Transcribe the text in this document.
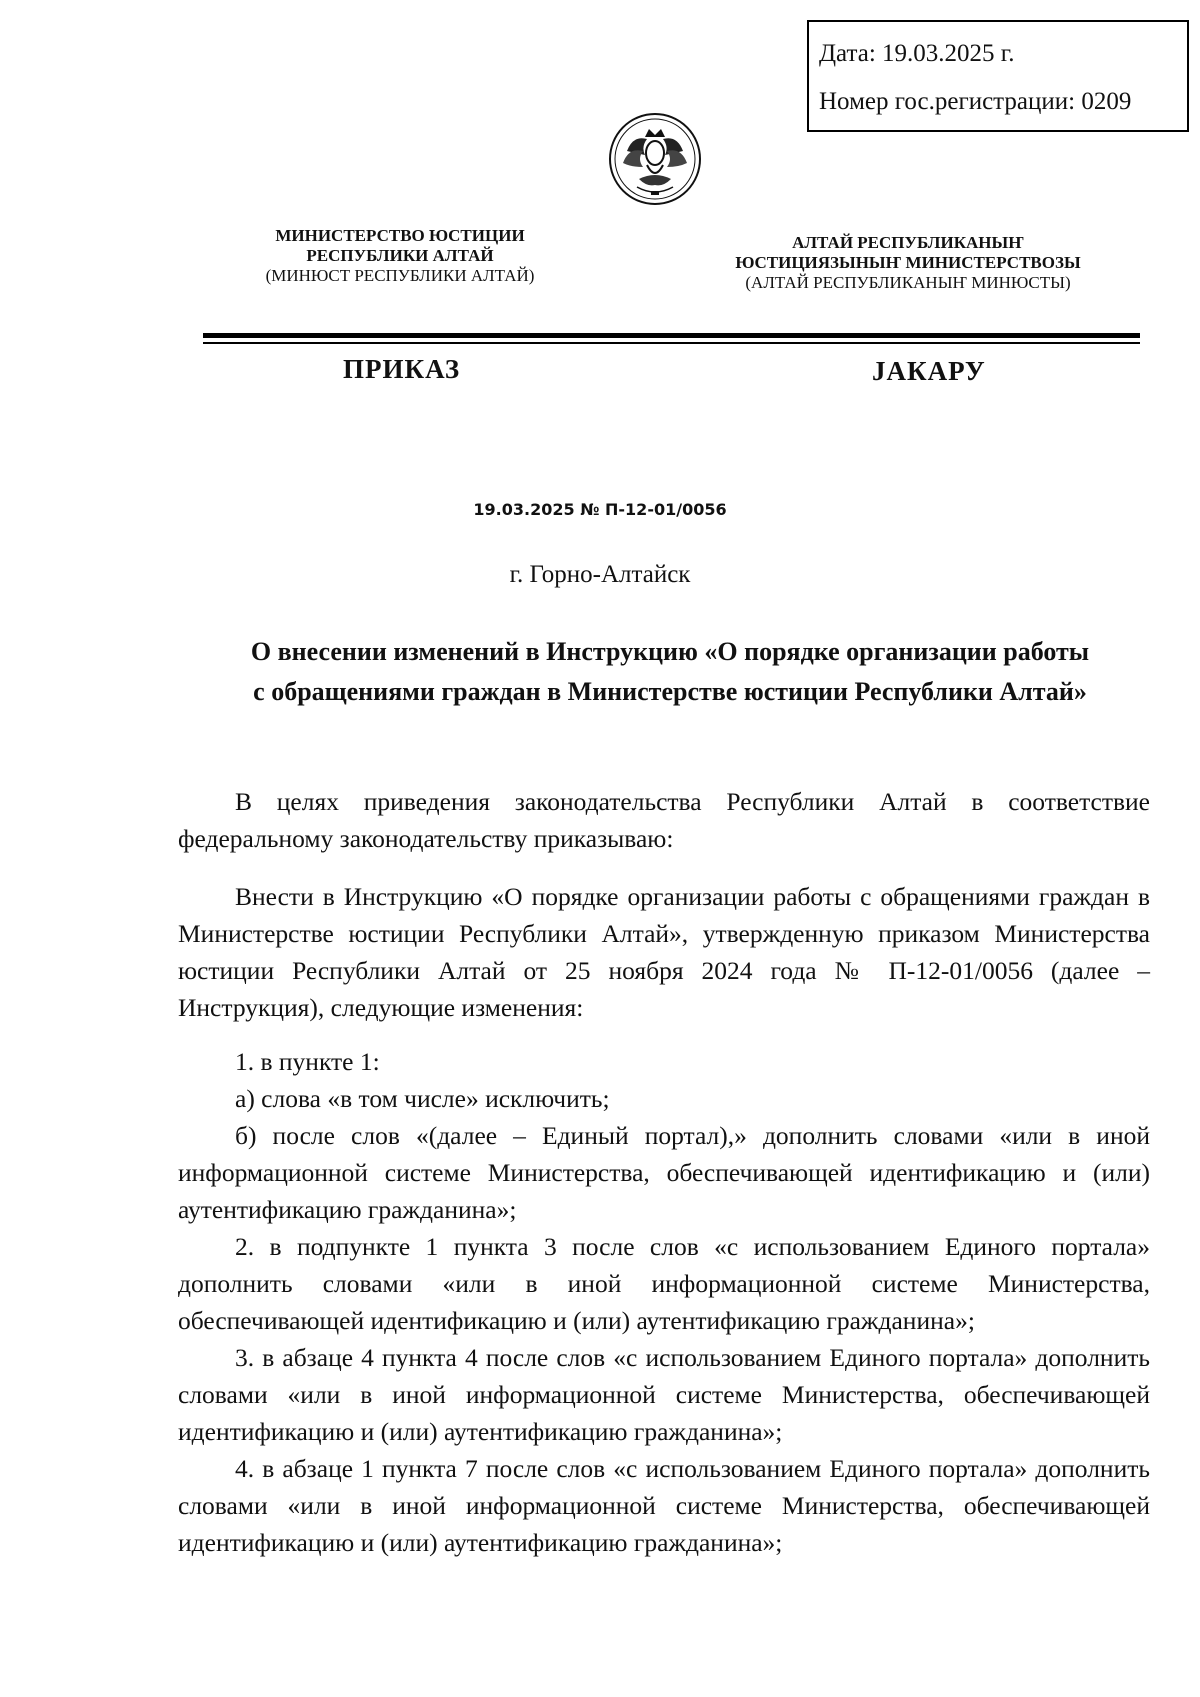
Дата: 19.03.2025 г.
Номер гос.регистрации: 0209
МИНИСТЕРСТВО ЮСТИЦИИ
РЕСПУБЛИКИ АЛТАЙ
(МИНЮСТ РЕСПУБЛИКИ АЛТАЙ)
АЛТАЙ РЕСПУБЛИКАНЫҤ
ЮСТИЦИЯЗЫНЫҤ МИНИСТЕРСТВОЗЫ
(АЛТАЙ РЕСПУБЛИКАНЫҤ МИНЮСТЫ)
ПРИКАЗ	JАКАРУ
19.03.2025 № П-12-01/0056
г. Горно-Алтайск
О внесении изменений в Инструкцию «О порядке организации работы
с обращениями граждан в Министерстве юстиции Республики Алтай»

В целях приведения законодательства Республики Алтай в соответствие федеральному законодательству приказываю:

Внести в Инструкцию «О порядке организации работы с обращениями граждан в Министерстве юстиции Республики Алтай», утвержденную приказом Министерства юстиции Республики Алтай от 25 ноября 2024 года № П-12-01/0056 (далее – Инструкция), следующие изменения:

1. в пункте 1:

а) слова «в том числе» исключить;

б) после слов «(далее – Единый портал),» дополнить словами «или в иной информационной системе Министерства, обеспечивающей идентификацию и (или) аутентификацию гражданина»;

2. в подпункте 1 пункта 3 после слов «с использованием Единого портала» дополнить словами «или в иной информационной системе Министерства, обеспечивающей идентификацию и (или) аутентификацию гражданина»;

3. в абзаце 4 пункта 4 после слов «с использованием Единого портала» дополнить словами «или в иной информационной системе Министерства, обеспечивающей идентификацию и (или) аутентификацию гражданина»;

4. в абзаце 1 пункта 7 после слов «с использованием Единого портала» дополнить словами «или в иной информационной системе Министерства, обеспечивающей идентификацию и (или) аутентификацию гражданина»;
